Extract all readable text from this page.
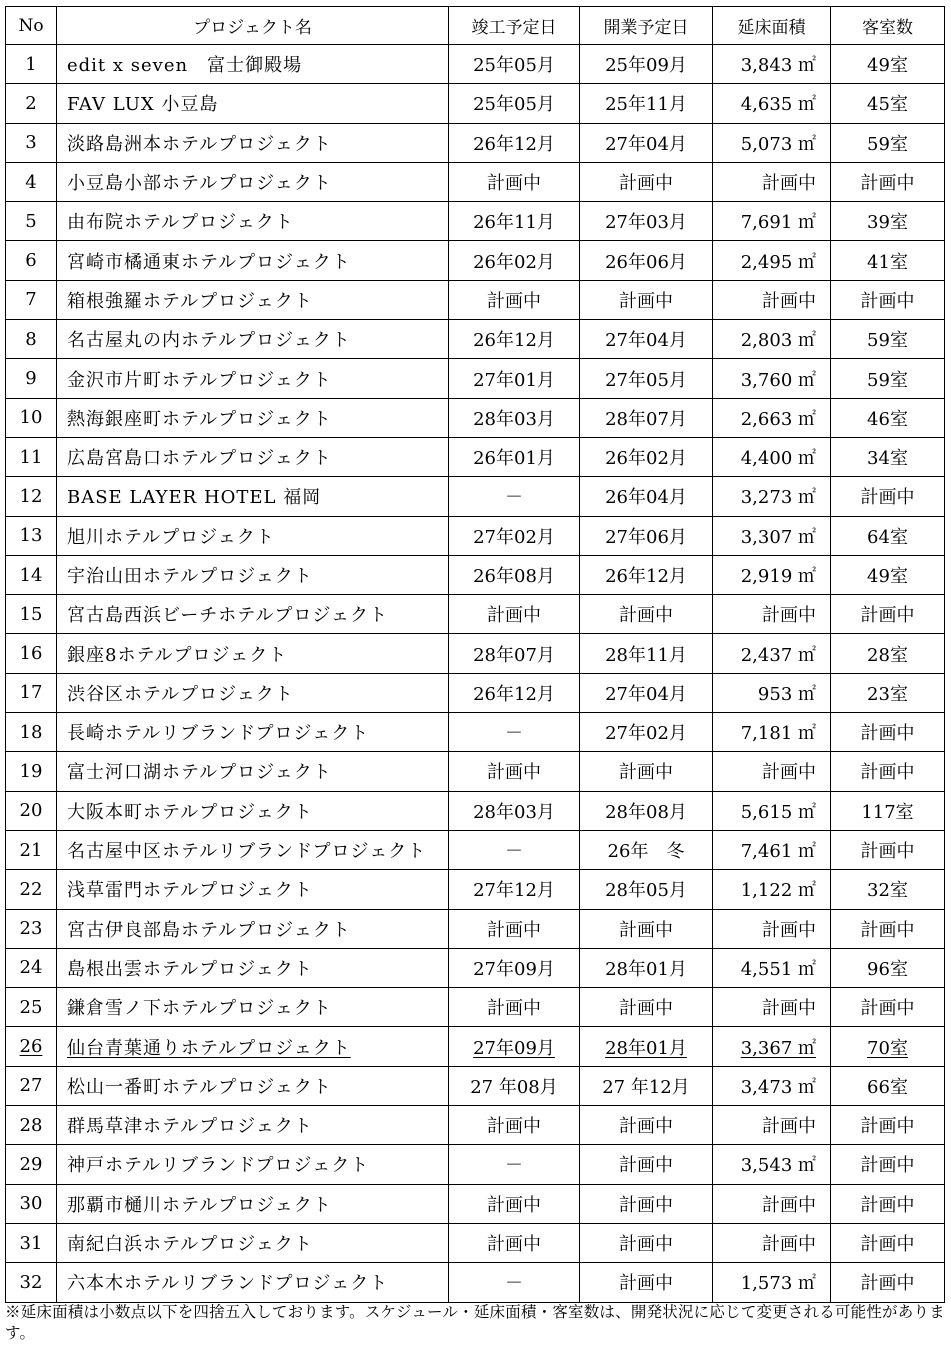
No	プロジェクト名	竣工予定日	開業予定日	延床面積	客室数
1	edit x seven　富士御殿場	25年05月	25年09月	3,843 ㎡	49室
2	FAV LUX 小豆島	25年05月	25年11月	4,635 ㎡	45室
3	淡路島洲本ホテルプロジェクト	26年12月	27年04月	5,073 ㎡	59室
4	小豆島小部ホテルプロジェクト	計画中	計画中	計画中	計画中
5	由布院ホテルプロジェクト	26年11月	27年03月	7,691 ㎡	39室
6	宮崎市橘通東ホテルプロジェクト	26年02月	26年06月	2,495 ㎡	41室
7	箱根強羅ホテルプロジェクト	計画中	計画中	計画中	計画中
8	名古屋丸の内ホテルプロジェクト	26年12月	27年04月	2,803 ㎡	59室
9	金沢市片町ホテルプロジェクト	27年01月	27年05月	3,760 ㎡	59室
10	熱海銀座町ホテルプロジェクト	28年03月	28年07月	2,663 ㎡	46室
11	広島宮島口ホテルプロジェクト	26年01月	26年02月	4,400 ㎡	34室
12	BASE LAYER HOTEL 福岡	－	26年04月	3,273 ㎡	計画中
13	旭川ホテルプロジェクト	27年02月	27年06月	3,307 ㎡	64室
14	宇治山田ホテルプロジェクト	26年08月	26年12月	2,919 ㎡	49室
15	宮古島西浜ビーチホテルプロジェクト	計画中	計画中	計画中	計画中
16	銀座8ホテルプロジェクト	28年07月	28年11月	2,437 ㎡	28室
17	渋谷区ホテルプロジェクト	26年12月	27年04月	953 ㎡	23室
18	長崎ホテルリブランドプロジェクト	－	27年02月	7,181 ㎡	計画中
19	富士河口湖ホテルプロジェクト	計画中	計画中	計画中	計画中
20	大阪本町ホテルプロジェクト	28年03月	28年08月	5,615 ㎡	117室
21	名古屋中区ホテルリブランドプロジェクト	－	26年　冬	7,461 ㎡	計画中
22	浅草雷門ホテルプロジェクト	27年12月	28年05月	1,122 ㎡	32室
23	宮古伊良部島ホテルプロジェクト	計画中	計画中	計画中	計画中
24	島根出雲ホテルプロジェクト	27年09月	28年01月	4,551 ㎡	96室
25	鎌倉雪ノ下ホテルプロジェクト	計画中	計画中	計画中	計画中
26	仙台青葉通りホテルプロジェクト	27年09月	28年01月	3,367 ㎡	70室
27	松山一番町ホテルプロジェクト	27 年08月	27 年12月	3,473 ㎡	66室
28	群馬草津ホテルプロジェクト	計画中	計画中	計画中	計画中
29	神戸ホテルリブランドプロジェクト	－	計画中	3,543 ㎡	計画中
30	那覇市樋川ホテルプロジェクト	計画中	計画中	計画中	計画中
31	南紀白浜ホテルプロジェクト	計画中	計画中	計画中	計画中
32	六本木ホテルリブランドプロジェクト	－	計画中	1,573 ㎡	計画中
※延床面積は小数点以下を四捨五入しております。スケジュール・延床面積・客室数は、開発状況に応じて変更される可能性があります。
